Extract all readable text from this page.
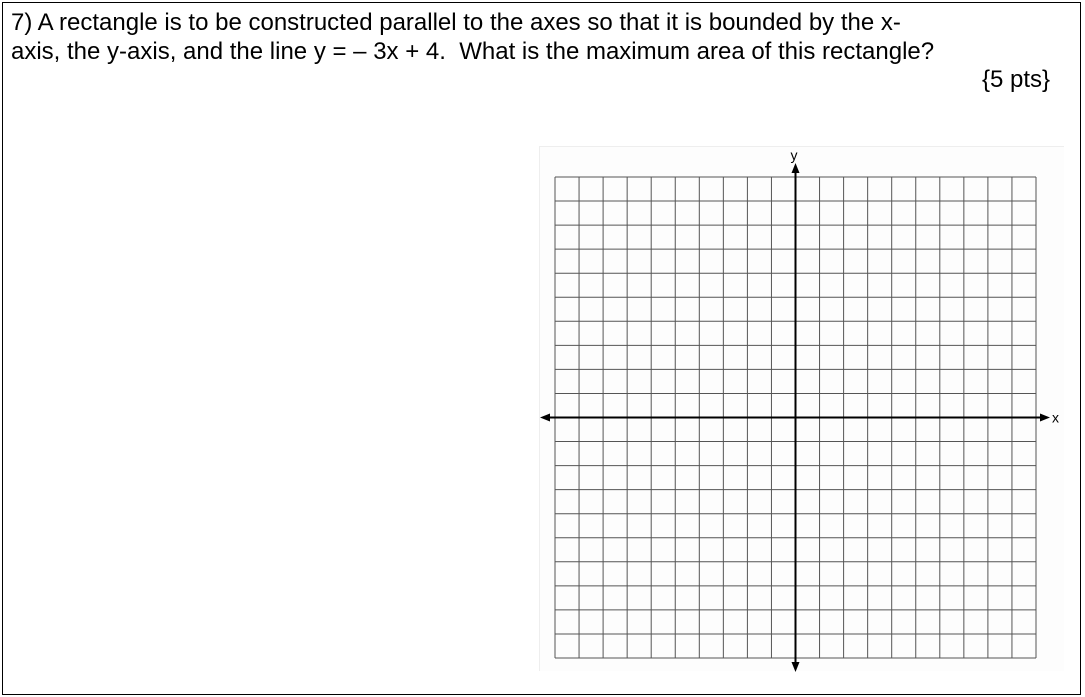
7) A rectangle is to be constructed parallel to the axes so that it is bounded by the x-
axis, the y-axis, and the line y = – 3x + 4.  What is the maximum area of this rectangle?
{5 pts}
x
y
